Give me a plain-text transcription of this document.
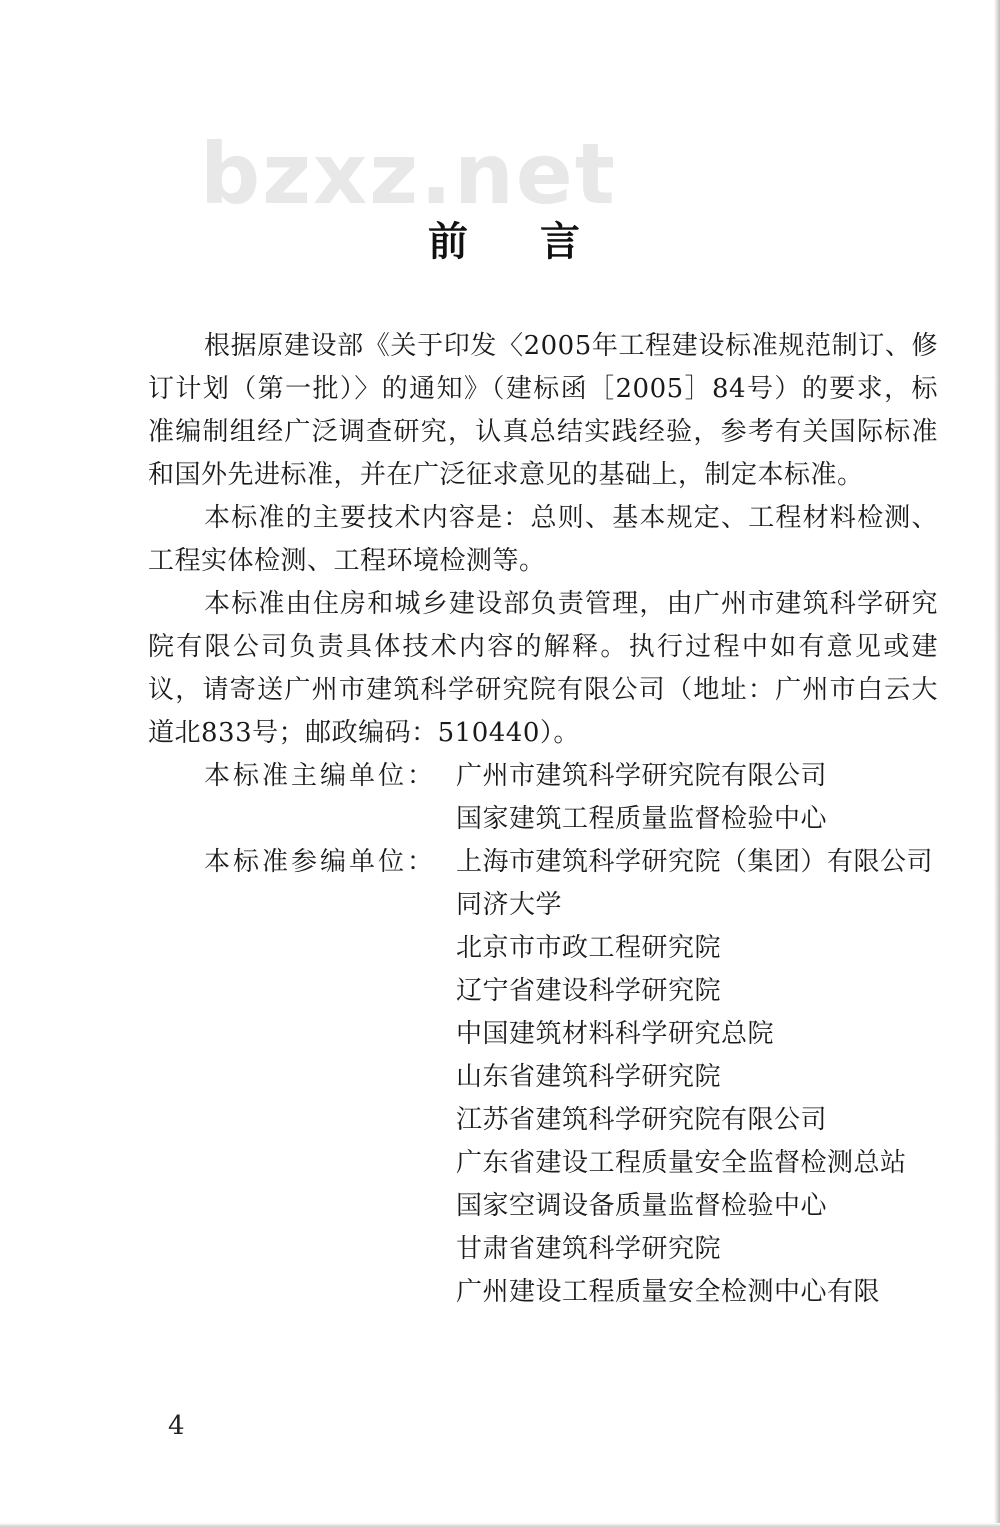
bzxz.net
前言

根据原建设部《关于印发〈2005年工程建设标准规范制订、修订计划（第一批）〉的通知》（建标函［2005］84号）的要求，标准编制组经广泛调查研究，认真总结实践经验，参考有关国际标准和国外先进标准，并在广泛征求意见的基础上，制定本标准。

本标准的主要技术内容是：总则、基本规定、工程材料检测、工程实体检测、工程环境检测等。

本标准由住房和城乡建设部负责管理，由广州市建筑科学研究院有限公司负责具体技术内容的解释。执行过程中如有意见或建议，请寄送广州市建筑科学研究院有限公司（地址：广州市白云大道北833号；邮政编码：510440）。

本标准主编单位： 广州市建筑科学研究院有限公司
国家建筑工程质量监督检验中心
本标准参编单位： 上海市建筑科学研究院（集团）有限公司
同济大学
北京市市政工程研究院
辽宁省建设科学研究院
中国建筑材料科学研究总院
山东省建筑科学研究院
江苏省建筑科学研究院有限公司
广东省建设工程质量安全监督检测总站
国家空调设备质量监督检验中心
甘肃省建筑科学研究院
广州建设工程质量安全检测中心有限
4
